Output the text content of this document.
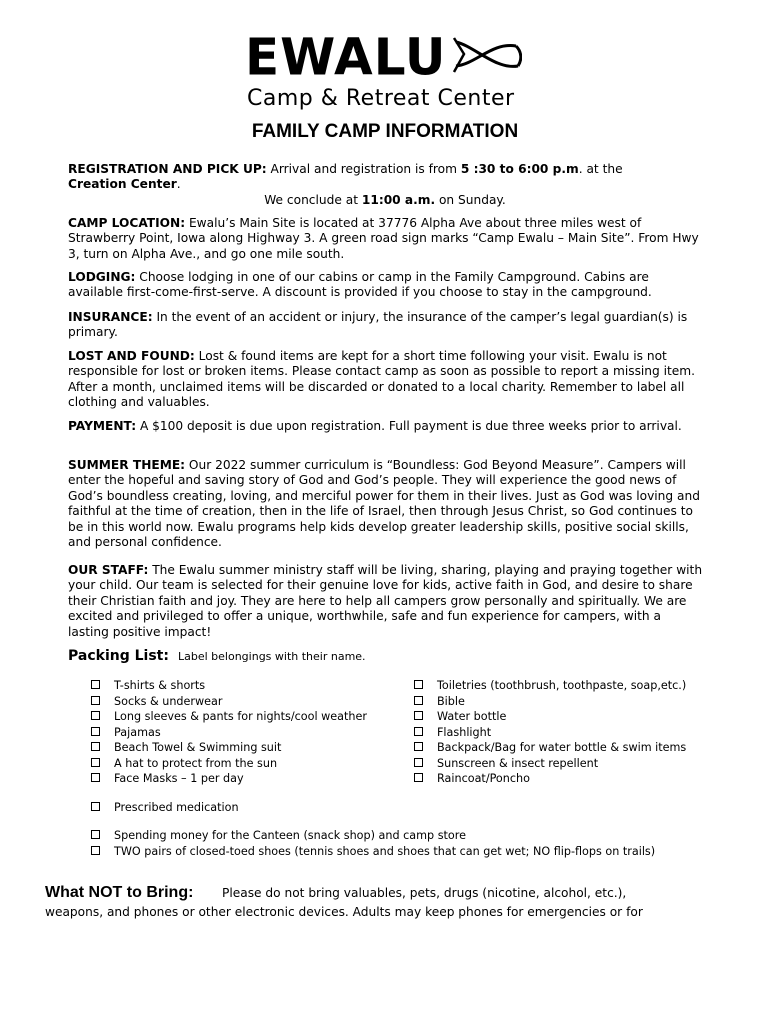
EWALU
Camp & Retreat Center
FAMILY CAMP INFORMATION
REGISTRATION AND PICK UP: Arrival and registration is from 5 :30 to 6:00 p.m. at the
Creation Center.
We conclude at 11:00 a.m. on Sunday.
CAMP LOCATION: Ewalu’s Main Site is located at 37776 Alpha Ave about three miles west of Strawberry Point, Iowa along Highway 3. A green road sign marks “Camp Ewalu – Main Site”. From Hwy 3, turn on Alpha Ave., and go one mile south.
LODGING: Choose lodging in one of our cabins or camp in the Family Campground. Cabins are available first-come-first-serve. A discount is provided if you choose to stay in the campground.
INSURANCE: In the event of an accident or injury, the insurance of the camper’s legal guardian(s) is primary.
LOST AND FOUND: Lost & found items are kept for a short time following your visit. Ewalu is not responsible for lost or broken items. Please contact camp as soon as possible to report a missing item. After a month, unclaimed items will be discarded or donated to a local charity. Remember to label all clothing and valuables.
PAYMENT: A $100 deposit is due upon registration. Full payment is due three weeks prior to arrival.
SUMMER THEME: Our 2022 summer curriculum is “Boundless: God Beyond Measure”. Campers will enter the hopeful and saving story of God and God’s people. They will experience the good news of God’s boundless creating, loving, and merciful power for them in their lives. Just as God was loving and faithful at the time of creation, then in the life of Israel, then through Jesus Christ, so God continues to be in this world now. Ewalu programs help kids develop greater leadership skills, positive social skills, and personal confidence.
OUR STAFF: The Ewalu summer ministry staff will be living, sharing, playing and praying together with your child. Our team is selected for their genuine love for kids, active faith in God, and desire to share their Christian faith and joy. They are here to help all campers grow personally and spiritually. We are excited and privileged to offer a unique, worthwhile, safe and fun experience for campers, with a lasting positive impact!
Packing List: Label belongings with their name.
T-shirts & shorts
Socks & underwear
Long sleeves & pants for nights/cool weather
Pajamas
Beach Towel & Swimming suit
A hat to protect from the sun
Face Masks – 1 per day
Toiletries (toothbrush, toothpaste, soap,etc.)
Bible
Water bottle
Flashlight
Backpack/Bag for water bottle & swim items
Sunscreen & insect repellent
Raincoat/Poncho
Prescribed medication
Spending money for the Canteen (snack shop) and camp store
TWO pairs of closed-toed shoes (tennis shoes and shoes that can get wet; NO flip-flops on trails)
What NOT to Bring: Please do not bring valuables, pets, drugs (nicotine, alcohol, etc.),
weapons, and phones or other electronic devices. Adults may keep phones for emergencies or for
